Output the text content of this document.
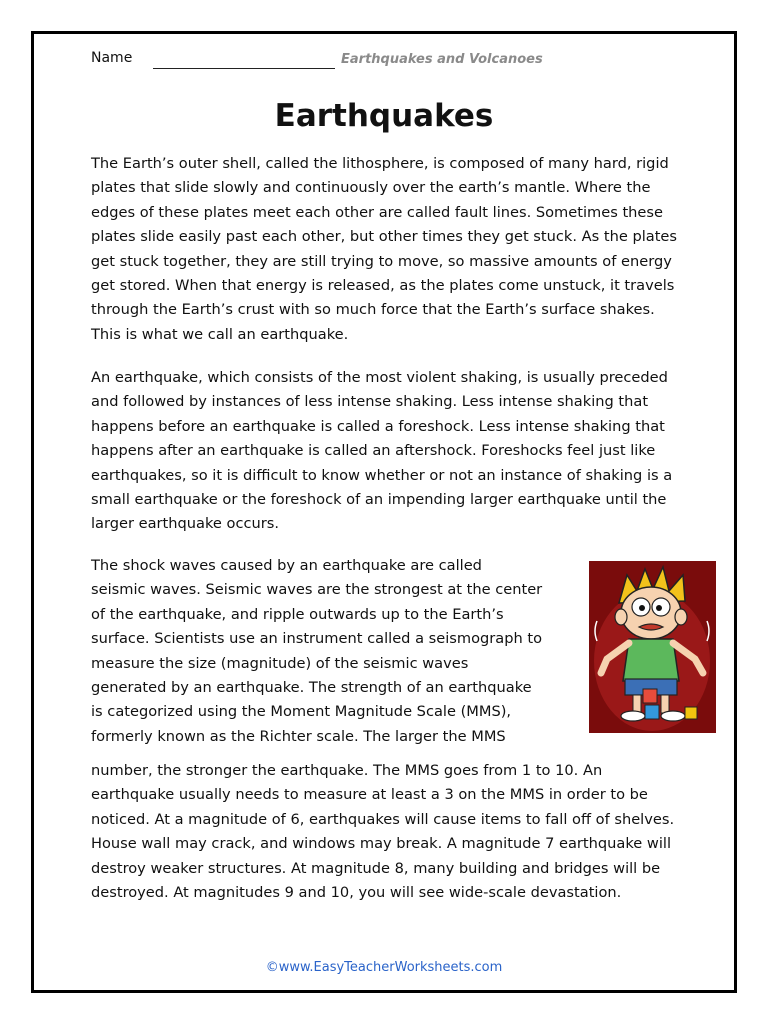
Name	Earthquakes and Volcanoes
Earthquakes

The Earth’s outer shell, called the lithosphere, is composed of many hard, rigid plates that slide slowly and continuously over the earth’s mantle. Where the edges of these plates meet each other are called fault lines. Sometimes these plates slide easily past each other, but other times they get stuck. As the plates get stuck together, they are still trying to move, so massive amounts of energy get stored. When that energy is released, as the plates come unstuck, it travels through the Earth’s crust with so much force that the Earth’s surface shakes. This is what we call an earthquake.

An earthquake, which consists of the most violent shaking, is usually preceded and followed by instances of less intense shaking. Less intense shaking that happens before an earthquake is called a foreshock. Less intense shaking that happens after an earthquake is called an aftershock. Foreshocks feel just like earthquakes, so it is difficult to know whether or not an instance of shaking is a small earthquake or the foreshock of an impending larger earthquake until the larger earthquake occurs.

The shock waves caused by an earthquake are called
seismic waves. Seismic waves are the strongest at the center
of the earthquake, and ripple outwards up to the Earth’s
surface. Scientists use an instrument called a seismograph to
measure the size (magnitude) of the seismic waves
generated by an earthquake. The strength of an earthquake
is categorized using the Moment Magnitude Scale (MMS),
formerly known as the Richter scale. The larger the MMS

number, the stronger the earthquake. The MMS goes from 1 to 10. An earthquake usually needs to measure at least a 3 on the MMS in order to be noticed. At a magnitude of 6, earthquakes will cause items to fall off of shelves. House wall may crack, and windows may break. A magnitude 7 earthquake will destroy weaker structures. At magnitude 8, many building and bridges will be destroyed. At magnitudes 9 and 10, you will see wide-scale devastation.

©www.EasyTeacherWorksheets.com
